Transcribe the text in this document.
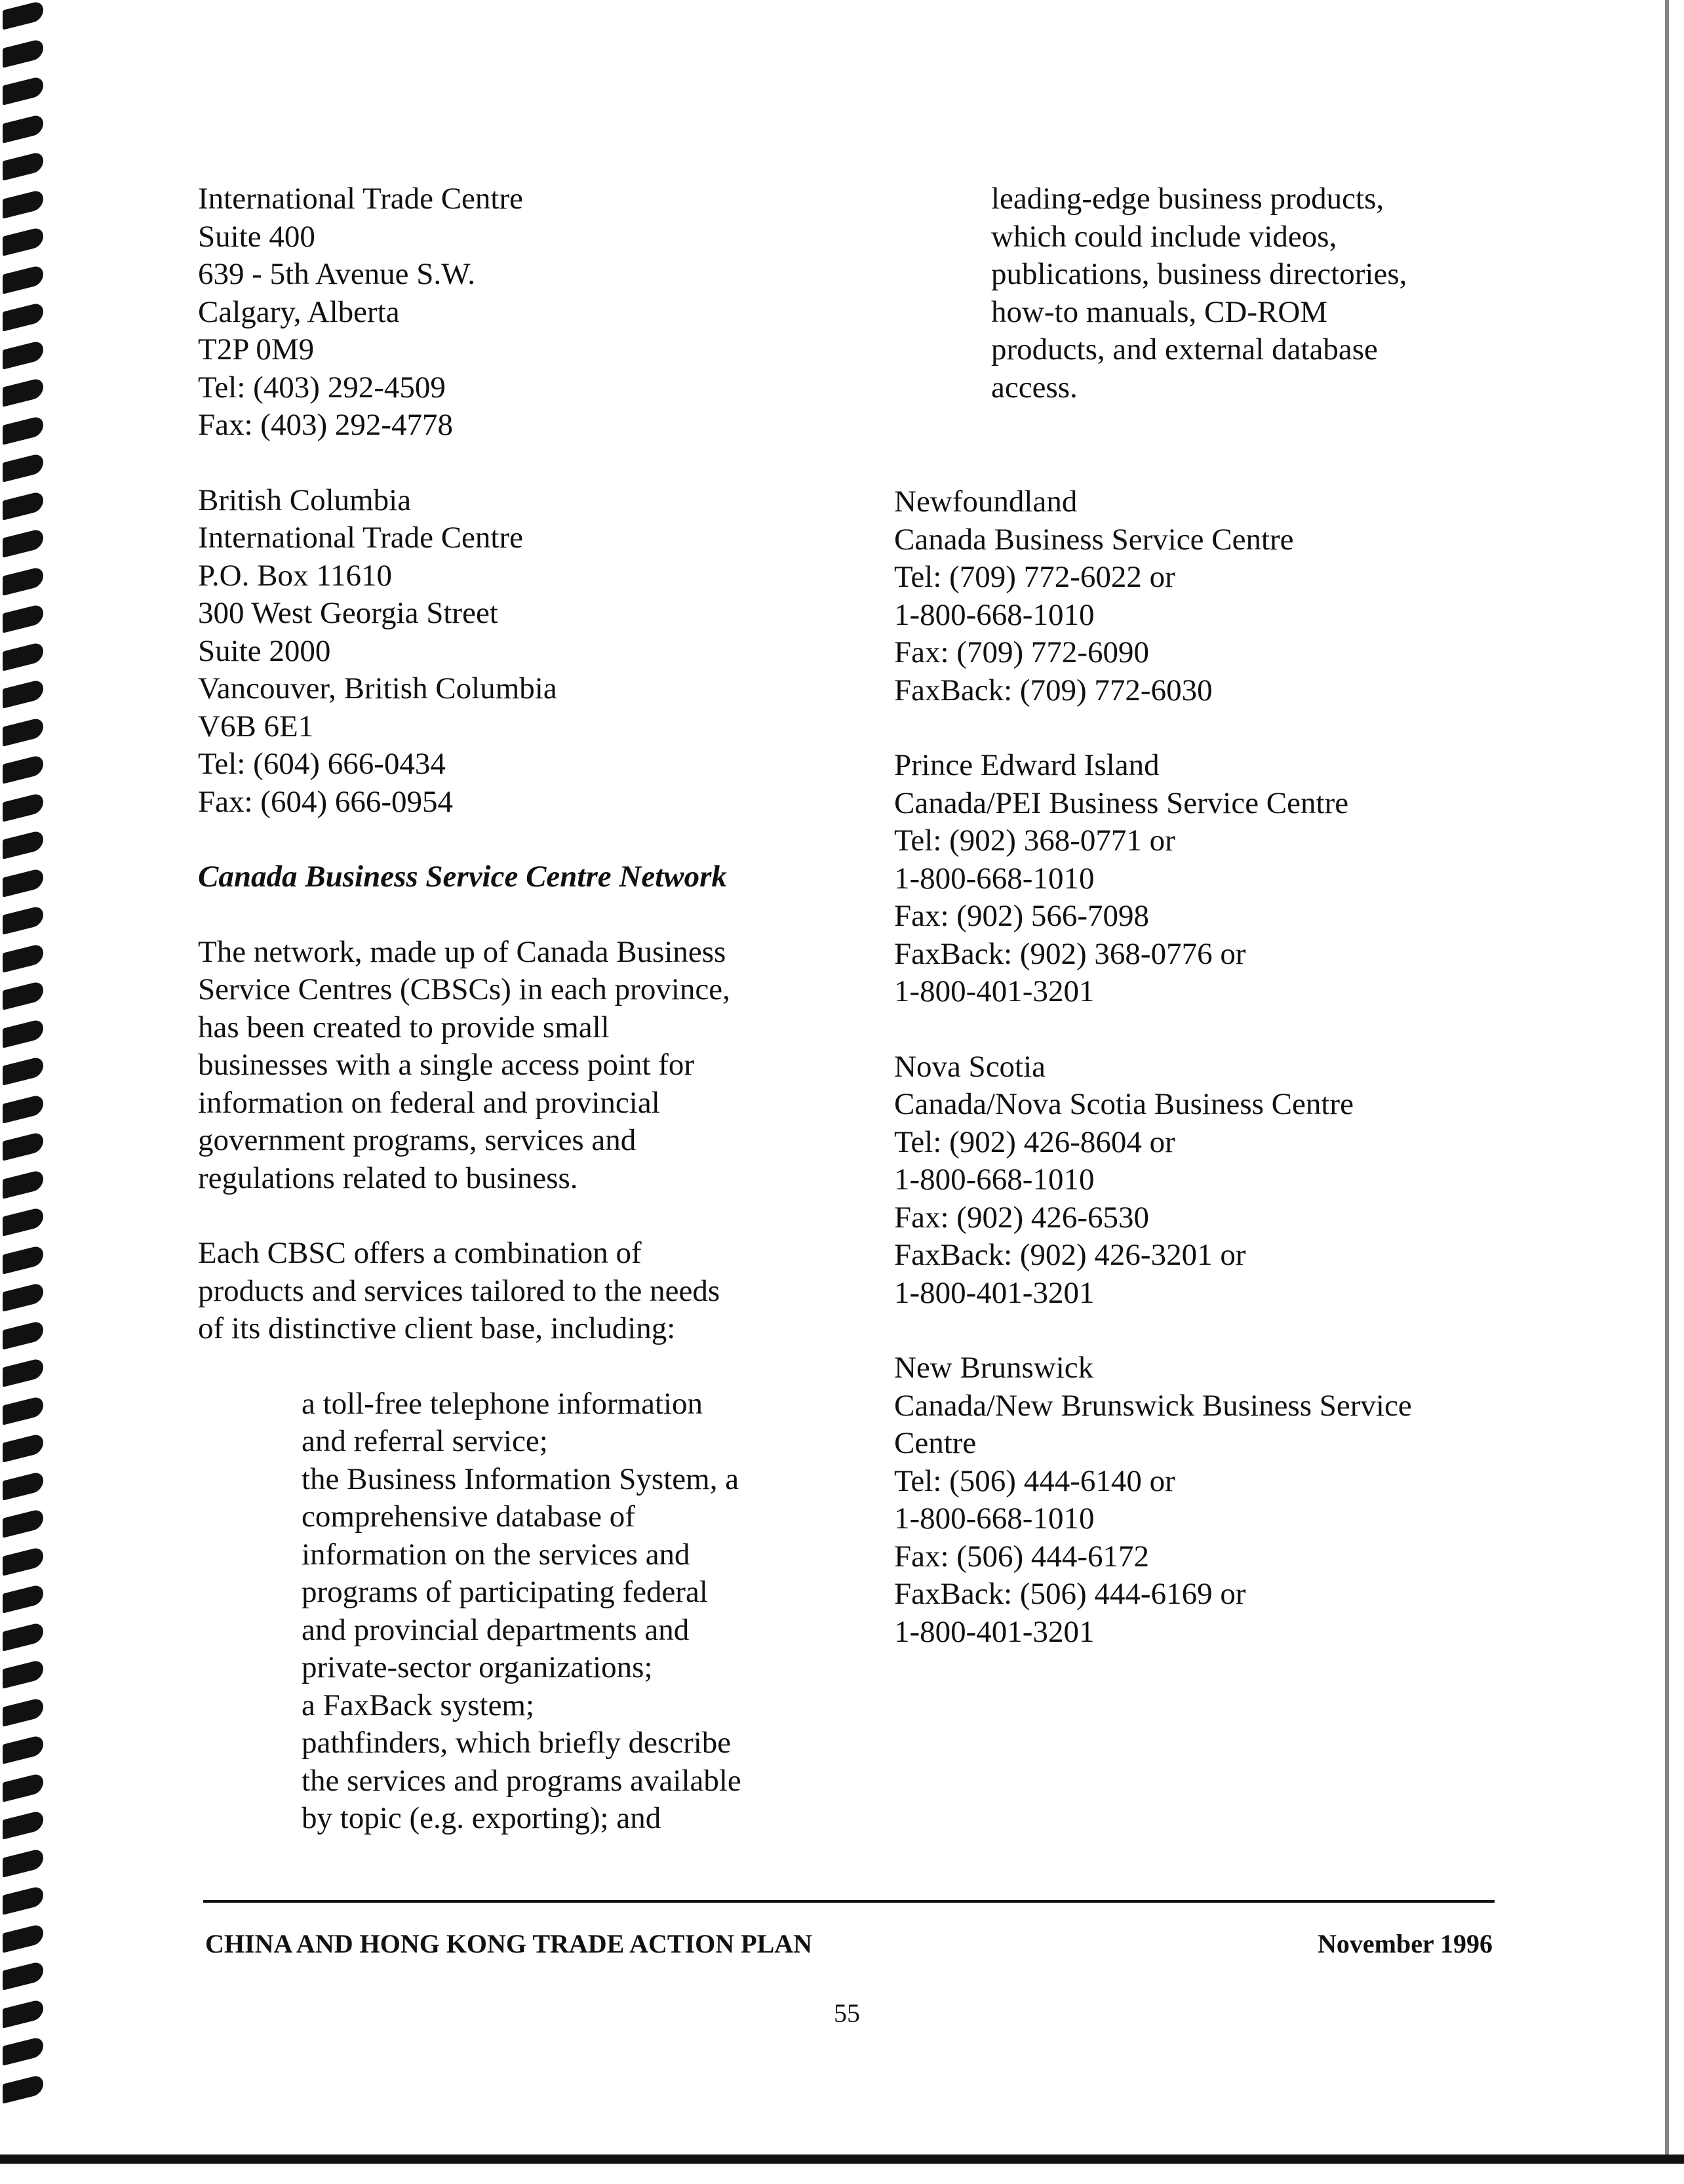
International Trade Centre
Suite 400
639 - 5th Avenue S.W.
Calgary, Alberta
T2P 0M9
Tel: (403) 292-4509
Fax: (403) 292-4778
British Columbia
International Trade Centre
P.O. Box 11610
300 West Georgia Street
Suite 2000
Vancouver, British Columbia
V6B 6E1
Tel: (604) 666-0434
Fax: (604) 666-0954
Canada Business Service Centre Network
The network, made up of Canada Business
Service Centres (CBSCs) in each province,
has been created to provide small
businesses with a single access point for
information on federal and provincial
government programs, services and
regulations related to business.
Each CBSC offers a combination of
products and services tailored to the needs
of its distinctive client base, including:
a toll-free telephone information
and referral service;
the Business Information System, a
comprehensive database of
information on the services and
programs of participating federal
and provincial departments and
private-sector organizations;
a FaxBack system;
pathfinders, which briefly describe
the services and programs available
by topic (e.g. exporting); and
leading-edge business products,
which could include videos,
publications, business directories,
how-to manuals, CD-ROM
products, and external database
access.
Newfoundland
Canada Business Service Centre
Tel: (709) 772-6022 or
1-800-668-1010
Fax: (709) 772-6090
FaxBack: (709) 772-6030
Prince Edward Island
Canada/PEI Business Service Centre
Tel: (902) 368-0771 or
1-800-668-1010
Fax: (902) 566-7098
FaxBack: (902) 368-0776 or
1-800-401-3201
Nova Scotia
Canada/Nova Scotia Business Centre
Tel: (902) 426-8604 or
1-800-668-1010
Fax: (902) 426-6530
FaxBack: (902) 426-3201 or
1-800-401-3201
New Brunswick
Canada/New Brunswick Business Service
Centre
Tel: (506) 444-6140 or
1-800-668-1010
Fax: (506) 444-6172
FaxBack: (506) 444-6169 or
1-800-401-3201
CHINA AND HONG KONG TRADE ACTION PLAN	November 1996
55
